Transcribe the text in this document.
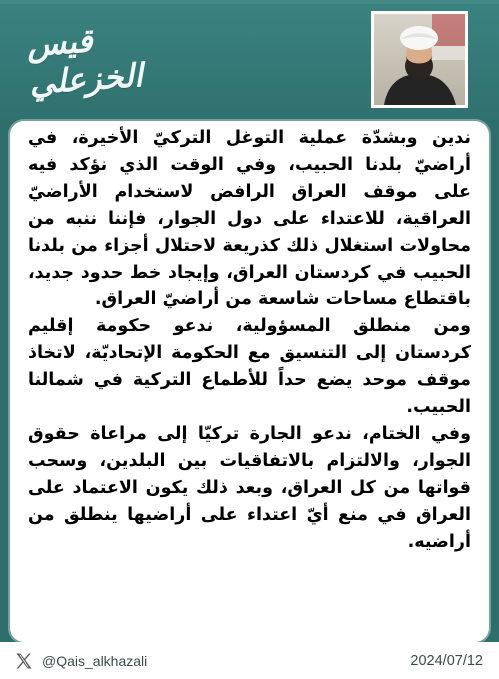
قيس الخزعلي

ندين وبشدّة عملية التوغل التركيّ الأخيرة، في أراضيّ بلدنا الحبيب، وفي الوقت الذي نؤكد فيه على موقف العراق الرافض لاستخدام الأراضيّ العراقية، للاعتداء على دول الجوار، فإننا ننبه من محاولات استغلال ذلك كذريعة لاحتلال أجزاء من بلدنا الحبيب في كردستان العراق، وإيجاد خط حدود جديد، باقتطاع مساحات شاسعة من أراضيّ العراق.

ومن منطلق المسؤولية، ندعو حكومة إقليم كردستان إلى التنسيق مع الحكومة الإتحاديّة، لاتخاذ موقف موحد يضع حداً للأطماع التركية في شمالنا الحبيب.

وفي الختام، ندعو الجارة تركيّا إلى مراعاة حقوق الجوار، والالتزام بالاتفاقيات بين البلدين، وسحب قواتها من كل العراق، وبعد ذلك يكون الاعتماد على العراق في منع أيّ اعتداء على أراضيها ينطلق من أراضيه.

@Qais_alkhazali	2024/07/12
